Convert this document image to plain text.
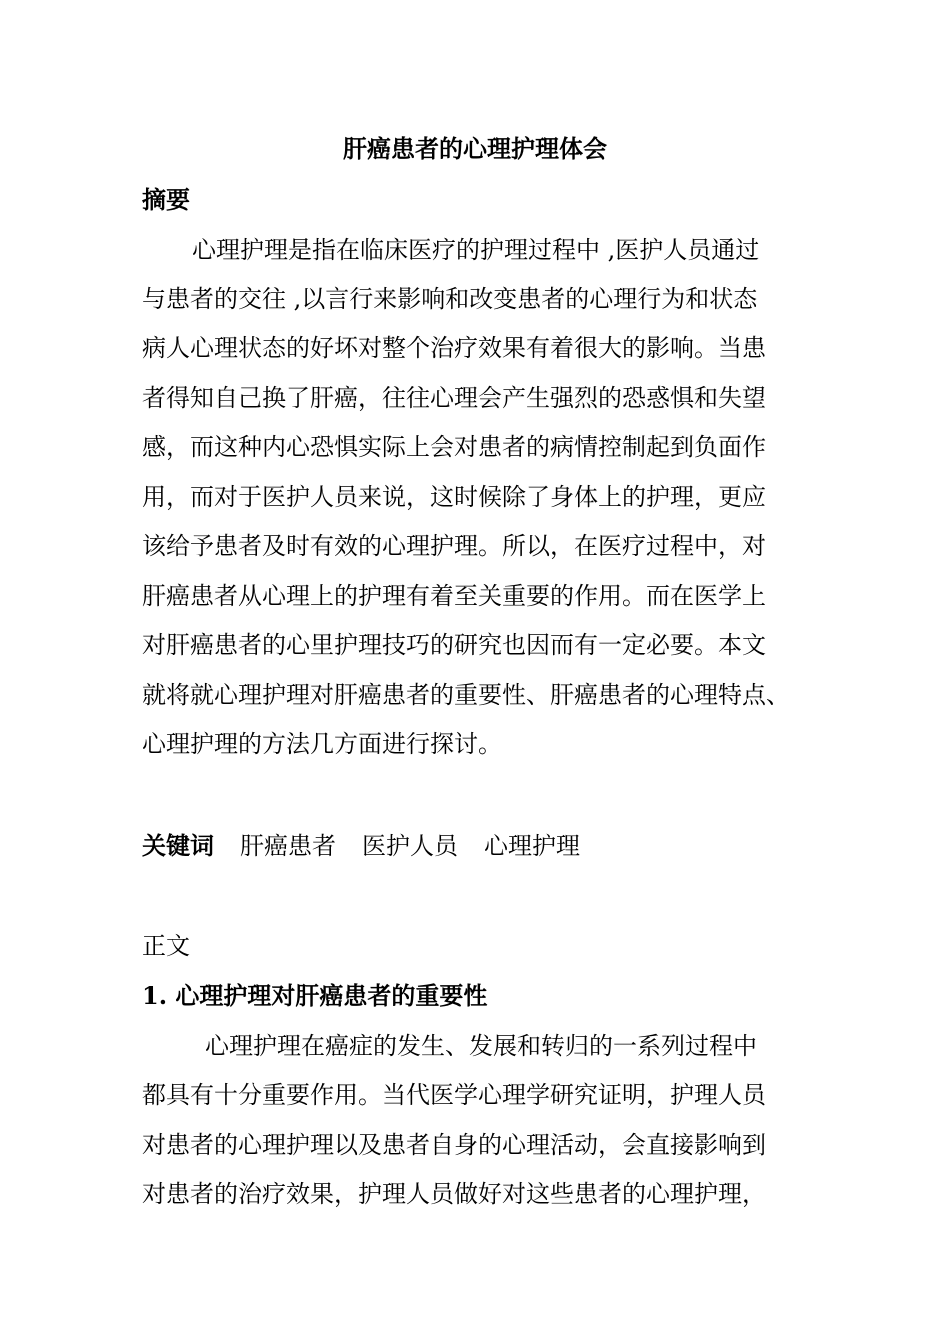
肝癌患者的心理护理体会
摘要
心理护理是指在临床医疗的护理过程中 ,医护人员通过
与患者的交往 ,以言行来影响和改变患者的心理行为和状态
病人心理状态的好坏对整个治疗效果有着很大的影响。当患
者得知自己换了肝癌，往往心理会产生强烈的恐惑惧和失望
感，而这种内心恐惧实际上会对患者的病情控制起到负面作
用，而对于医护人员来说，这时候除了身体上的护理，更应
该给予患者及时有效的心理护理。所以，在医疗过程中，对
肝癌患者从心理上的护理有着至关重要的作用。而在医学上
对肝癌患者的心里护理技巧的研究也因而有一定必要。本文
就将就心理护理对肝癌患者的重要性、肝癌患者的心理特点、
心理护理的方法几方面进行探讨。
关键词 肝癌患者 医护人员 心理护理
正文
1. 心理护理对肝癌患者的重要性
心理护理在癌症的发生、发展和转归的一系列过程中
都具有十分重要作用。当代医学心理学研究证明，护理人员
对患者的心理护理以及患者自身的心理活动，会直接影响到
对患者的治疗效果，护理人员做好对这些患者的心理护理，
